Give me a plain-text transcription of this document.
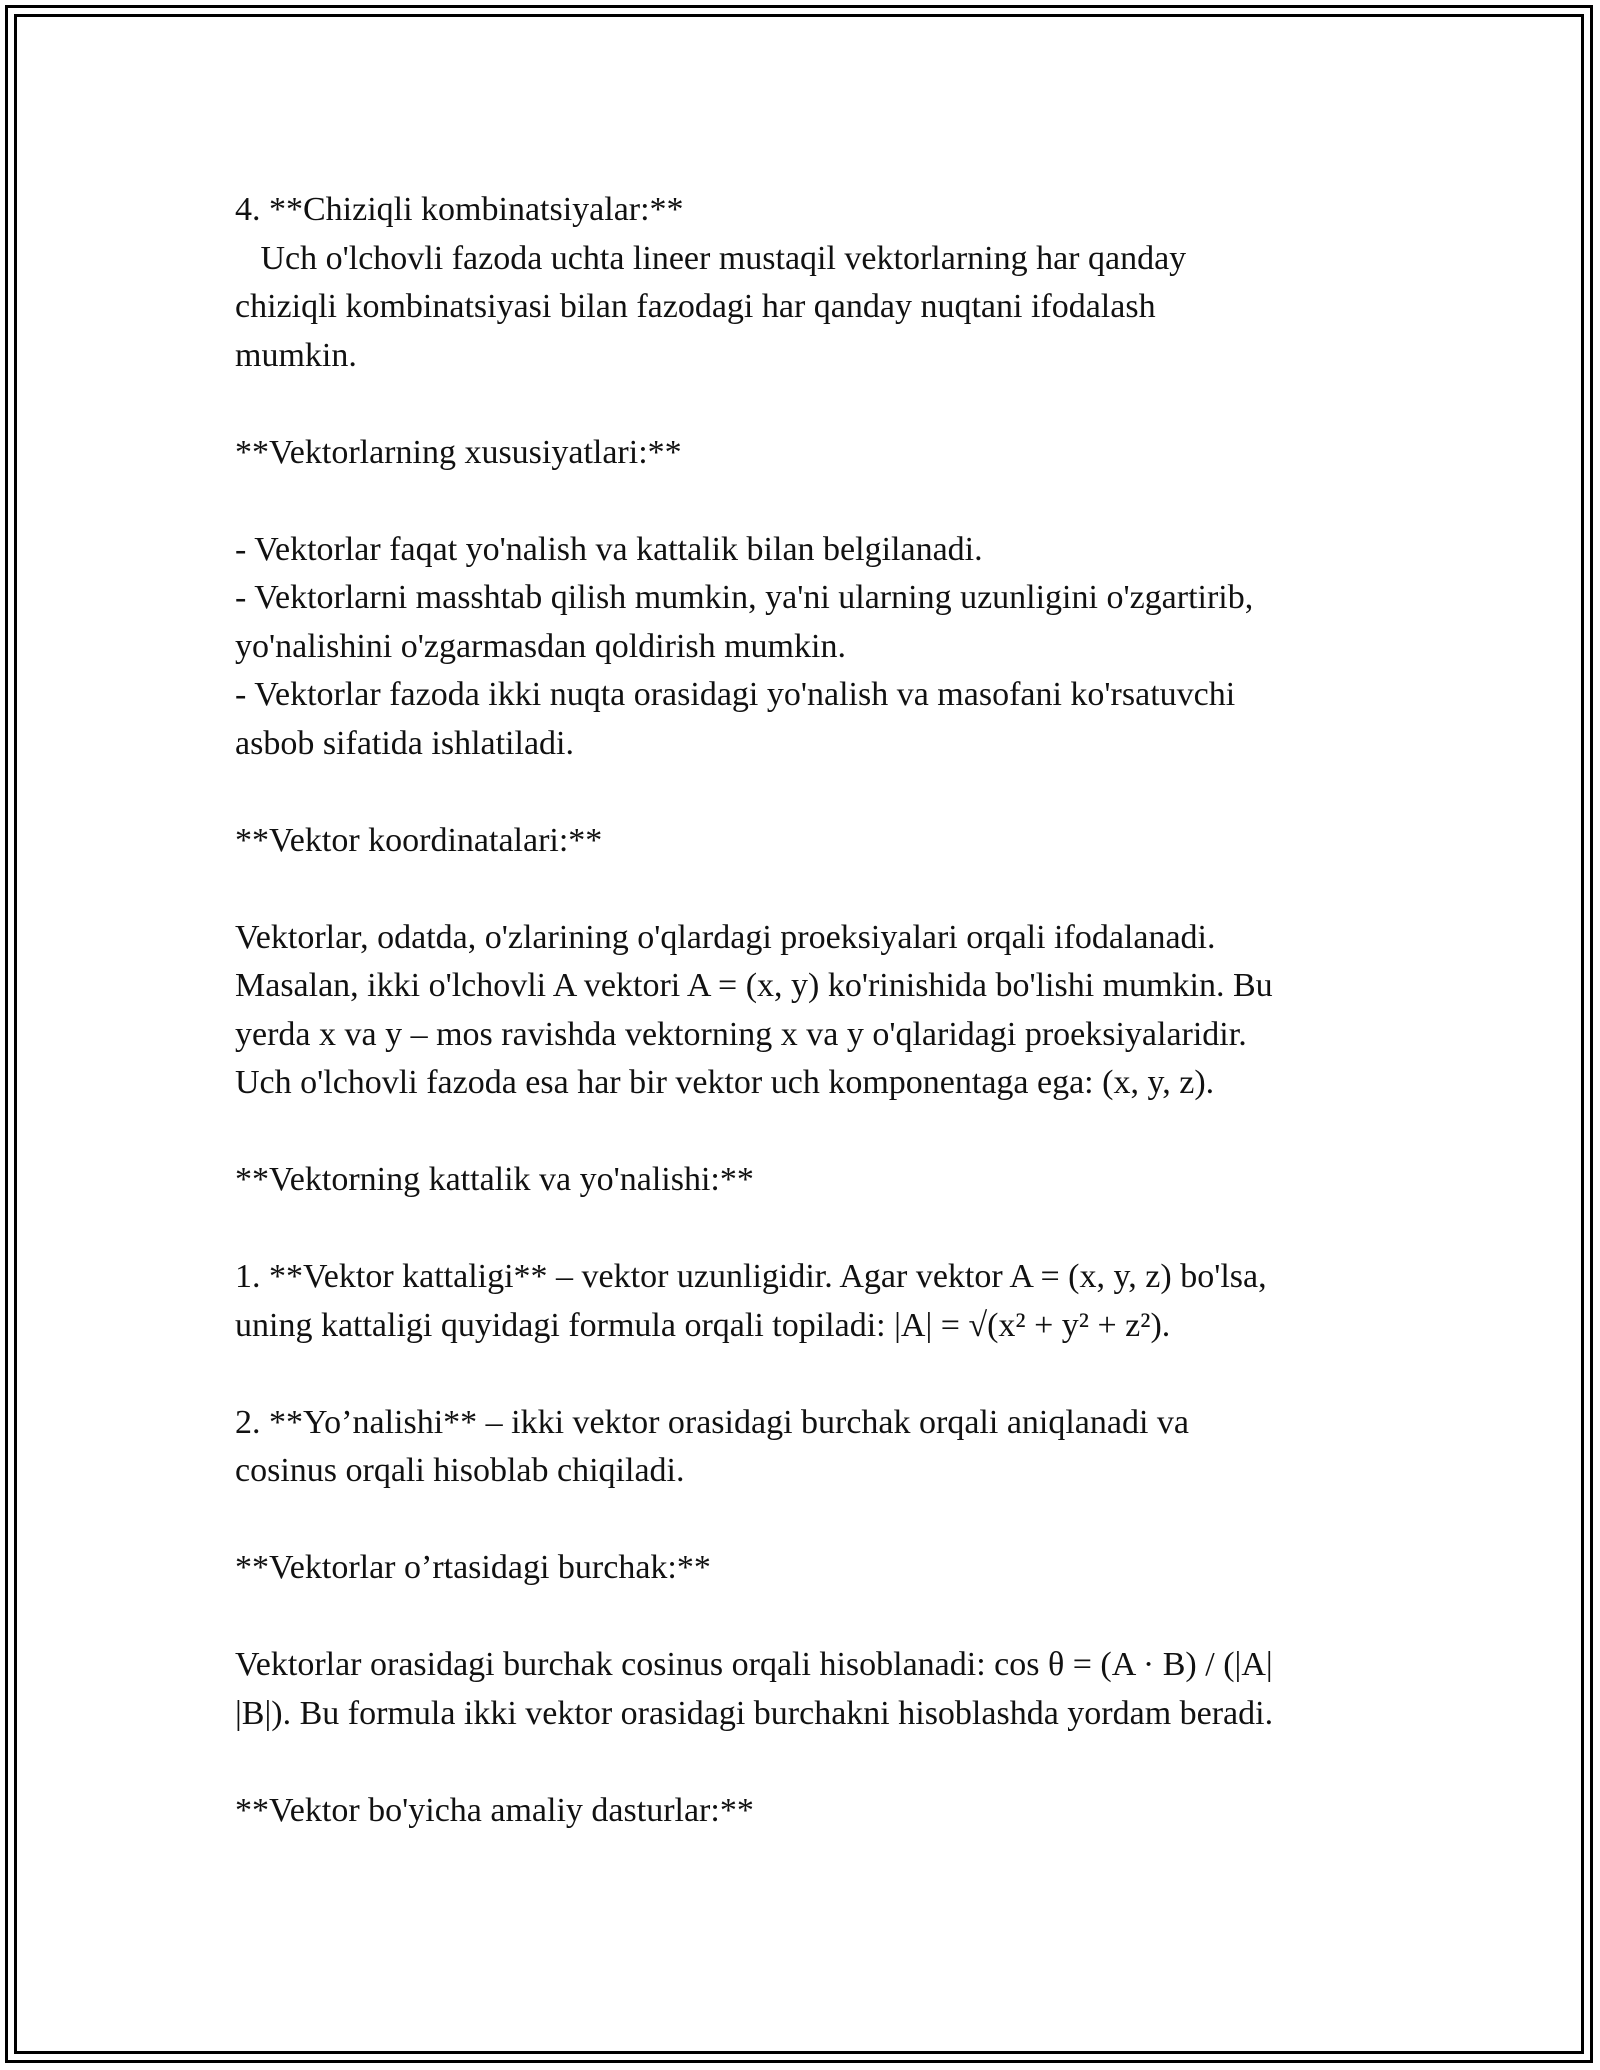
4. **Chiziqli kombinatsiyalar:**
Uch o'lchovli fazoda uchta lineer mustaqil vektorlarning har qanday
chiziqli kombinatsiyasi bilan fazodagi har qanday nuqtani ifodalash
mumkin.
**Vektorlarning xususiyatlari:**
- Vektorlar faqat yo'nalish va kattalik bilan belgilanadi.
- Vektorlarni masshtab qilish mumkin, ya'ni ularning uzunligini o'zgartirib,
yo'nalishini o'zgarmasdan qoldirish mumkin.
- Vektorlar fazoda ikki nuqta orasidagi yo'nalish va masofani ko'rsatuvchi
asbob sifatida ishlatiladi.
**Vektor koordinatalari:**
Vektorlar, odatda, o'zlarining o'qlardagi proeksiyalari orqali ifodalanadi.
Masalan, ikki o'lchovli A vektori A = (x, y) ko'rinishida bo'lishi mumkin. Bu
yerda x va y – mos ravishda vektorning x va y o'qlaridagi proeksiyalaridir.
Uch o'lchovli fazoda esa har bir vektor uch komponentaga ega: (x, y, z).
**Vektorning kattalik va yo'nalishi:**
1. **Vektor kattaligi** – vektor uzunligidir. Agar vektor A = (x, y, z) bo'lsa,
uning kattaligi quyidagi formula orqali topiladi: |A| = √(x² + y² + z²).
2. **Yo’nalishi** – ikki vektor orasidagi burchak orqali aniqlanadi va
cosinus orqali hisoblab chiqiladi.
**Vektorlar o’rtasidagi burchak:**
Vektorlar orasidagi burchak cosinus orqali hisoblanadi: cos θ = (A · B) / (|A|
|B|). Bu formula ikki vektor orasidagi burchakni hisoblashda yordam beradi.
**Vektor bo'yicha amaliy dasturlar:**
